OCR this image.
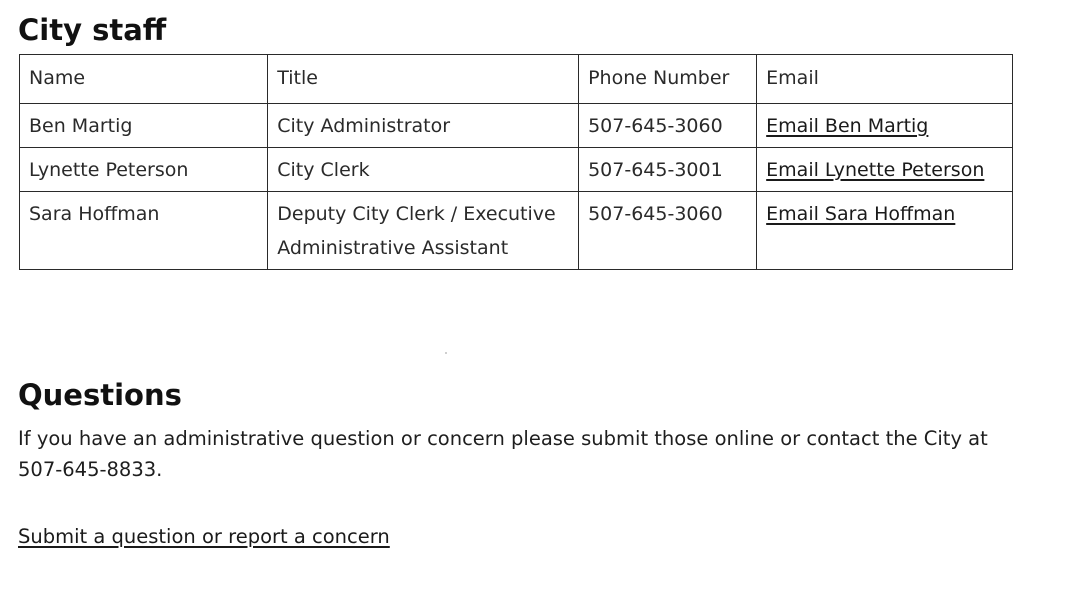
City staff
Name	Title	Phone Number	Email
Ben Martig	City Administrator	507-645-3060	Email Ben Martig
Lynette Peterson	City Clerk	507-645-3001	Email Lynette Peterson
Sara Hoffman	Deputy City Clerk / Executive Administrative Assistant	507-645-3060	Email Sara Hoffman
Questions

If you have an administrative question or concern please submit those online or contact the City at 507-645-8833.

Submit a question or report a concern
